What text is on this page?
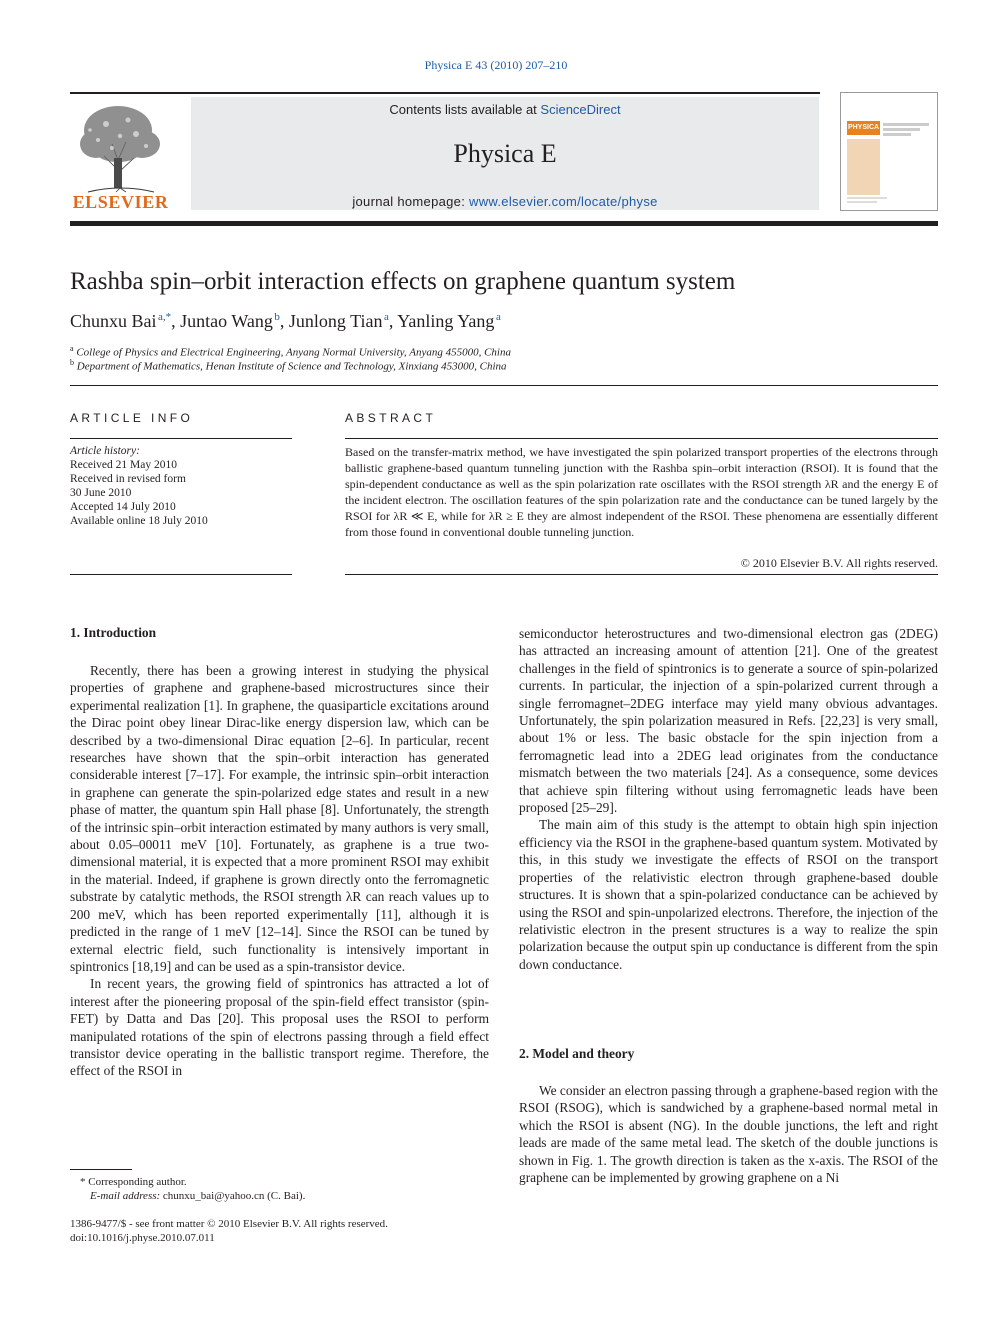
Physica E 43 (2010) 207–210
ELSEVIER
Contents lists available at ScienceDirect
Physica E
journal homepage: www.elsevier.com/locate/physe
PHYSICA
Rashba spin–orbit interaction effects on graphene quantum system
Chunxu Bai  $^{a,*}$, Juntao Wang  $^b$, Junlong Tian  $^a$, Yanling Yang  $^a$
$^a$ College of Physics and Electrical Engineering, Anyang Normal University, Anyang 455000, China
$^b$ Department of Mathematics, Henan Institute of Science and Technology, Xinxiang 453000, China
ARTICLE INFO
Article history:
Received 21 May 2010
Received in revised form
30 June 2010
Accepted 14 July 2010
Available online 18 July 2010
ABSTRACT
Based on the transfer-matrix method, we have investigated the spin polarized transport properties of the electrons through ballistic graphene-based quantum tunneling junction with the Rashba spin–orbit interaction (RSOI). It is found that the spin-dependent conductance as well as the spin polarization rate oscillates with the RSOI strength λR and the energy E of the incident electron. The oscillation features of the spin polarization rate and the conductance can be tuned largely by the RSOI for λR ≪ E, while for λR ≥ E they are almost independent of the RSOI. These phenomena are essentially different from those found in conventional double tunneling junction.
© 2010 Elsevier B.V. All rights reserved.
1. Introduction

Recently, there has been a growing interest in studying the physical properties of graphene and graphene-based microstructures since their experimental realization [1]. In graphene, the quasiparticle excitations around the Dirac point obey linear Dirac-like energy dispersion law, which can be described by a two-dimensional Dirac equation [2–6]. In particular, recent researches have shown that the spin–orbit interaction has generated considerable interest [7–17]. For example, the intrinsic spin–orbit interaction in graphene can generate the spin-polarized edge states and result in a new phase of matter, the quantum spin Hall phase [8]. Unfortunately, the strength of the intrinsic spin–orbit interaction estimated by many authors is very small, about 0.05–00011 meV [10]. Fortunately, as graphene is a true two-dimensional material, it is expected that a more prominent RSOI may exhibit in the material. Indeed, if graphene is grown directly onto the ferromagnetic substrate by catalytic methods, the RSOI strength λR can reach values up to 200 meV, which has been reported experimentally [11], although it is predicted in the range of 1 meV [12–14]. Since the RSOI can be tuned by external electric field, such functionality is intensively important in spintronics [18,19] and can be used as a spin-transistor device.

In recent years, the growing field of spintronics has attracted a lot of interest after the pioneering proposal of the spin-field effect transistor (spin-FET) by Datta and Das [20]. This proposal uses the RSOI to perform manipulated rotations of the spin of electrons passing through a field effect transistor device operating in the ballistic transport regime. Therefore, the effect of the RSOI in

semiconductor heterostructures and two-dimensional electron gas (2DEG) has attracted an increasing amount of attention [21]. One of the greatest challenges in the field of spintronics is to generate a source of spin-polarized currents. In particular, the injection of a spin-polarized current through a single ferromagnet–2DEG interface may yield many obvious advantages. Unfortunately, the spin polarization measured in Refs. [22,23] is very small, about 1% or less. The basic obstacle for the spin injection from a ferromagnetic lead into a 2DEG lead originates from the conductance mismatch between the two materials [24]. As a consequence, some devices that achieve spin filtering without using ferromagnetic leads have been proposed [25–29].

The main aim of this study is the attempt to obtain high spin injection efficiency via the RSOI in the graphene-based quantum system. Motivated by this, in this study we investigate the effects of RSOI on the transport properties of the relativistic electron through graphene-based double structures. It is shown that a spin-polarized conductance can be achieved by using the RSOI and spin-unpolarized electrons. Therefore, the injection of the relativistic electron in the present structures is a way to realize the spin polarization because the output spin up conductance is different from the spin down conductance.

2. Model and theory

We consider an electron passing through a graphene-based region with the RSOI (RSOG), which is sandwiched by a graphene-based normal metal in which the RSOI is absent (NG). In the double junctions, the left and right leads are made of the same metal lead. The sketch of the double junctions is shown in Fig. 1. The growth direction is taken as the x-axis. The RSOI of the graphene can be implemented by growing graphene on a Ni

* Corresponding author.
E-mail address: chunxu_bai@yahoo.cn (C. Bai).
1386-9477/$ - see front matter © 2010 Elsevier B.V. All rights reserved.
doi:10.1016/j.physe.2010.07.011
